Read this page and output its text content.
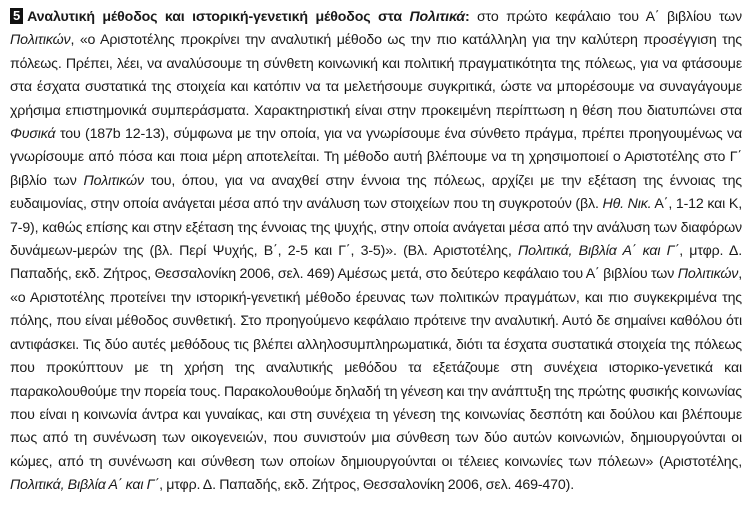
5 Αναλυτική μέθοδος και ιστορική-γενετική μέθοδος στα Πολιτικά: στο πρώτο κεφάλαιο του Α΄ βιβλίου των Πολιτικών, «ο Αριστοτέλης προκρίνει την αναλυτική μέθοδο ως την πιο κατάλληλη για την καλύτερη προσέγγιση της πόλεως. Πρέπει, λέει, να αναλύσουμε τη σύνθετη κοινωνική και πολιτική πραγματικότητα της πόλεως, για να φτάσουμε στα έσχατα συστατικά της στοιχεία και κατόπιν να τα μελετήσουμε συγκριτικά, ώστε να μπορέσουμε να συναγάγουμε χρήσιμα επιστημονικά συμπεράσματα. Χαρακτηριστική είναι στην προκειμένη περίπτωση η θέση που διατυπώνει στα Φυσικά του (187b 12-13), σύμφωνα με την οποία, για να γνωρίσουμε ένα σύνθετο πράγμα, πρέπει προηγουμένως να γνωρίσουμε από πόσα και ποια μέρη αποτελείται. Τη μέθοδο αυτή βλέπουμε να τη χρησιμοποιεί ο Αριστοτέλης στο Γ΄ βιβλίο των Πολιτικών του, όπου, για να αναχθεί στην έννοια της πόλεως, αρχίζει με την εξέταση της έννοιας της ευδαιμονίας, στην οποία ανάγεται μέσα από την ανάλυση των στοιχείων που τη συγκροτούν (βλ. Ηθ. Νικ. Α΄, 1-12 και Κ, 7-9), καθώς επίσης και στην εξέταση της έννοιας της ψυχής, στην οποία ανάγεται μέσα από την ανάλυση των διαφόρων δυνάμεων-μερών της (βλ. Περί Ψυχής, Β΄, 2-5 και Γ΄, 3-5)». (Βλ. Αριστοτέλης, Πολιτικά, Βιβλία Α΄ και Γ΄, μτφρ. Δ. Παπαδής, εκδ. Ζήτρος, Θεσσαλονίκη 2006, σελ. 469) Αμέσως μετά, στο δεύτερο κεφάλαιο του Α΄ βιβλίου των Πολιτικών, «ο Αριστοτέλης προτείνει την ιστορική-γενετική μέθοδο έρευνας των πολιτικών πραγμάτων, και πιο συγκεκριμένα της πόλης, που είναι μέθοδος συνθετική. Στο προηγούμενο κεφάλαιο πρότεινε την αναλυτική. Αυτό δε σημαίνει καθόλου ότι αντιφάσκει. Τις δύο αυτές μεθόδους τις βλέπει αλληλοσυμπληρωματικά, διότι τα έσχατα συστατικά στοιχεία της πόλεως που προκύπτουν με τη χρήση της αναλυτικής μεθόδου τα εξετάζουμε στη συνέχεια ιστορικο-γενετικά και παρακολουθούμε την πορεία τους. Παρακολουθούμε δηλαδή τη γένεση και την ανάπτυξη της πρώτης φυσικής κοινωνίας που είναι η κοινωνία άντρα και γυναίκας, και στη συνέχεια τη γένεση της κοινωνίας δεσπότη και δούλου και βλέπουμε πως από τη συνένωση των οικογενειών, που συνιστούν μια σύνθεση των δύο αυτών κοινωνιών, δημιουργούνται οι κώμες, από τη συνένωση και σύνθεση των οποίων δημιουργούνται οι τέλειες κοινωνίες των πόλεων» (Αριστοτέλης, Πολιτικά, Βιβλία Α΄ και Γ΄, μτφρ. Δ. Παπαδής, εκδ. Ζήτρος, Θεσσαλονίκη 2006, σελ. 469-470).
